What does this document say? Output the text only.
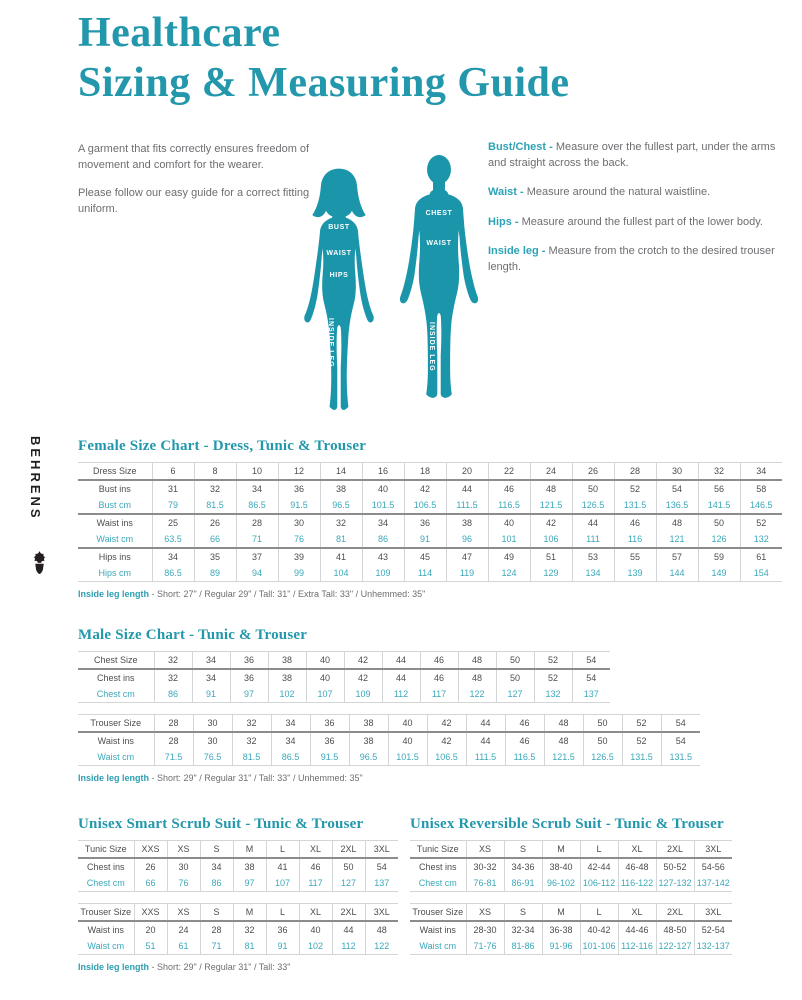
Healthcare
Sizing & Measuring Guide

A garment that fits correctly ensures freedom of movement and comfort for the wearer.

Please follow our easy guide for a correct fitting uniform.

BUST
WAIST
HIPS
INSIDE LEG
CHEST
WAIST
INSIDE LEG

Bust/Chest - Measure over the fullest part, under the arms and straight across the back.

Waist - Measure around the natural waistline.

Hips - Measure around the fullest part of the lower body.

Inside leg - Measure from the crotch to the desired trouser length.

BEHRENS Female Size Chart - Dress, Tunic & Trouser
Dress Size	6	8	10	12	14	16	18	20	22	24	26	28	30	32	34
Bust ins	31	32	34	36	38	40	42	44	46	48	50	52	54	56	58
Bust cm	79	81.5	86.5	91.5	96.5	101.5	106.5	111.5	116.5	121.5	126.5	131.5	136.5	141.5	146.5
Waist ins	25	26	28	30	32	34	36	38	40	42	44	46	48	50	52
Waist cm	63.5	66	71	76	81	86	91	96	101	106	111	116	121	126	132
Hips ins	34	35	37	39	41	43	45	47	49	51	53	55	57	59	61
Hips cm	86.5	89	94	99	104	109	114	119	124	129	134	139	144	149	154
Inside leg length - Short: 27" / Regular 29" / Tall: 31" / Extra Tall: 33" / Unhemmed: 35"
Male Size Chart - Tunic & Trouser
Chest Size	32	34	36	38	40	42	44	46	48	50	52	54
Chest ins	32	34	36	38	40	42	44	46	48	50	52	54
Chest cm	86	91	97	102	107	109	112	117	122	127	132	137
Trouser Size	28	30	32	34	36	38	40	42	44	46	48	50	52	54
Waist ins	28	30	32	34	36	38	40	42	44	46	48	50	52	54
Waist cm	71.5	76.5	81.5	86.5	91.5	96.5	101.5	106.5	111.5	116.5	121.5	126.5	131.5	131.5
Inside leg length - Short: 29" / Regular 31" / Tall: 33" / Unhemmed: 35"
Unisex Smart Scrub Suit - Tunic & Trouser
Tunic Size	XXS	XS	S	M	L	XL	2XL	3XL
Chest ins	26	30	34	38	41	46	50	54
Chest cm	66	76	86	97	107	117	127	137
Trouser Size	XXS	XS	S	M	L	XL	2XL	3XL
Waist ins	20	24	28	32	36	40	44	48
Waist cm	51	61	71	81	91	102	112	122
Inside leg length - Short: 29" / Regular 31" / Tall: 33"
Unisex Reversible Scrub Suit - Tunic & Trouser
Tunic Size	XS	S	M	L	XL	2XL	3XL
Chest ins	30-32	34-36	38-40	42-44	46-48	50-52	54-56
Chest cm	76-81	86-91	96-102	106-112	116-122	127-132	137-142
Trouser Size	XS	S	M	L	XL	2XL	3XL
Waist ins	28-30	32-34	36-38	40-42	44-46	48-50	52-54
Waist cm	71-76	81-86	91-96	101-106	112-116	122-127	132-137
